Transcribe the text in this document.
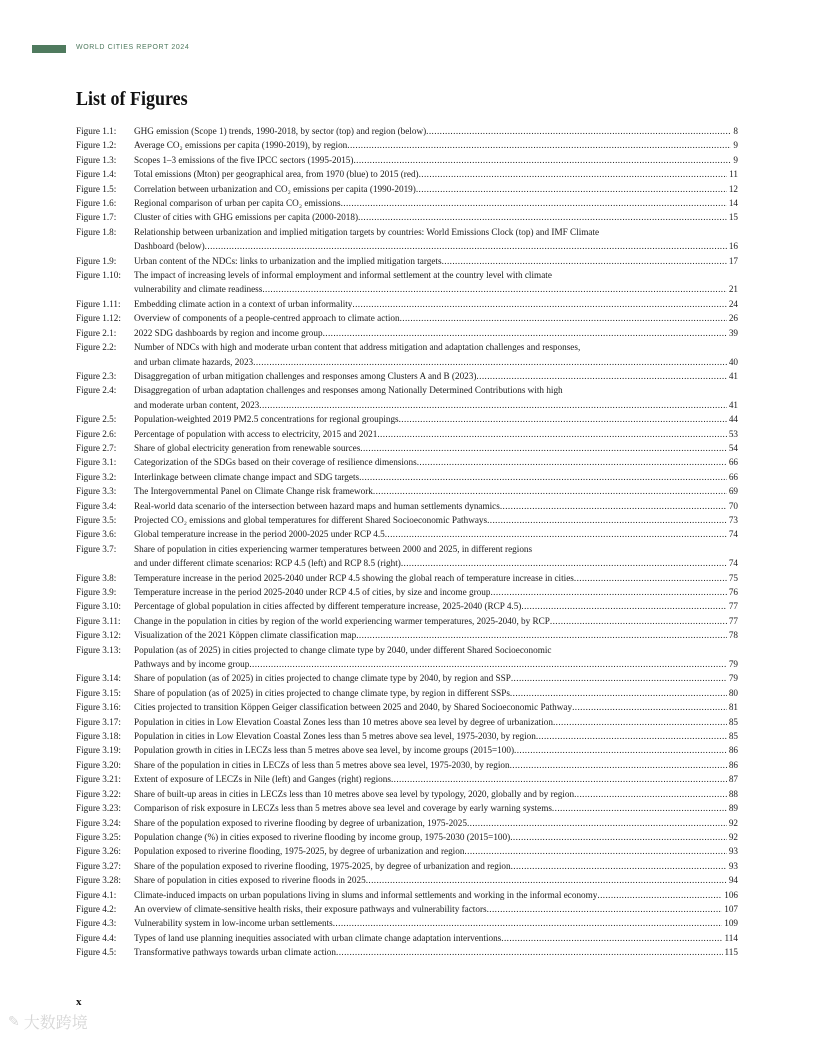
WORLD CITIES REPORT 2024
List of Figures
Figure 1.1:	GHG emission (Scope 1) trends, 1990-2018, by sector (top) and region (below) .....	8
Figure 1.2:	Average CO₂ emissions per capita (1990-2019), by region .....	9
Figure 1.3:	Scopes 1–3 emissions of the five IPCC sectors (1995-2015) .....	9
Figure 1.4:	Total emissions (Mton) per geographical area, from 1970 (blue) to 2015 (red) .....	11
Figure 1.5:	Correlation between urbanization and CO₂ emissions per capita (1990-2019) .....	12
Figure 1.6:	Regional comparison of urban per capita CO₂ emissions .....	14
Figure 1.7:	Cluster of cities with GHG emissions per capita (2000-2018) .....	15
Figure 1.8:	Relationship between urbanization and implied mitigation targets by countries: World Emissions Clock (top) and IMF Climate
Dashboard (below) .....	16
Figure 1.9:	Urban content of the NDCs: links to urbanization and the implied mitigation targets .....	17
Figure 1.10:	The impact of increasing levels of informal employment and informal settlement at the country level with climate
vulnerability and climate readiness .....	21
Figure 1.11:	Embedding climate action in a context of urban informality .....	24
Figure 1.12:	Overview of components of a people-centred approach to climate action .....	26
Figure 2.1:	2022 SDG dashboards by region and income group .....	39
Figure 2.2:	Number of NDCs with high and moderate urban content that address mitigation and adaptation challenges and responses,
and urban climate hazards, 2023 .....	40
Figure 2.3:	Disaggregation of urban mitigation challenges and responses among Clusters A and B (2023) .....	41
Figure 2.4:	Disaggregation of urban adaptation challenges and responses among Nationally Determined Contributions with high
and moderate urban content, 2023 .....	41
Figure 2.5:	Population-weighted 2019 PM2.5 concentrations for regional groupings .....	44
Figure 2.6:	Percentage of population with access to electricity, 2015 and 2021 .....	53
Figure 2.7:	Share of global electricity generation from renewable sources .....	54
Figure 3.1:	Categorization of the SDGs based on their coverage of resilience dimensions .....	66
Figure 3.2:	Interlinkage between climate change impact and SDG targets .....	66
Figure 3.3:	The Intergovernmental Panel on Climate Change risk framework .....	69
Figure 3.4:	Real-world data scenario of the intersection between hazard maps and human settlements dynamics .....	70
Figure 3.5:	Projected CO₂ emissions and global temperatures for different Shared Socioeconomic Pathways .....	73
Figure 3.6:	Global temperature increase in the period 2000-2025 under RCP 4.5 .....	74
Figure 3.7:	Share of population in cities experiencing warmer temperatures between 2000 and 2025, in different regions
and under different climate scenarios: RCP 4.5 (left) and RCP 8.5 (right) .....	74
Figure 3.8:	Temperature increase in the period 2025-2040 under RCP 4.5 showing the global reach of temperature increase in cities .....	75
Figure 3.9:	Temperature increase in the period 2025-2040 under RCP 4.5 of cities, by size and income group .....	76
Figure 3.10:	Percentage of global population in cities affected by different temperature increase, 2025-2040 (RCP 4.5) .....	77
Figure 3.11:	Change in the population in cities by region of the world experiencing warmer temperatures, 2025-2040, by RCP .....	77
Figure 3.12:	Visualization of the 2021 Köppen climate classification map .....	78
Figure 3.13:	Population (as of 2025) in cities projected to change climate type by 2040, under different Shared Socioeconomic
Pathways and by income group .....	79
Figure 3.14:	Share of population (as of 2025) in cities projected to change climate type by 2040, by region and SSP .....	79
Figure 3.15:	Share of population (as of 2025) in cities projected to change climate type, by region in different SSPs .....	80
Figure 3.16:	Cities projected to transition Köppen Geiger classification between 2025 and 2040, by Shared Socioeconomic Pathway .....	81
Figure 3.17:	Population in cities in Low Elevation Coastal Zones less than 10 metres above sea level by degree of urbanization .....	85
Figure 3.18:	Population in cities in Low Elevation Coastal Zones less than 5 metres above sea level, 1975-2030, by region .....	85
Figure 3.19:	Population growth in cities in LECZs less than 5 metres above sea level, by income groups (2015=100) .....	86
Figure 3.20:	Share of the population in cities in LECZs of less than 5 metres above sea level, 1975-2030, by region .....	86
Figure 3.21:	Extent of exposure of LECZs in Nile (left) and Ganges (right) regions .....	87
Figure 3.22:	Share of built-up areas in cities in LECZs less than 10 metres above sea level by typology, 2020, globally and by region .....	88
Figure 3.23:	Comparison of risk exposure in LECZs less than 5 metres above sea level and coverage by early warning systems .....	89
Figure 3.24:	Share of the population exposed to riverine flooding by degree of urbanization, 1975-2025 .....	92
Figure 3.25:	Population change (%) in cities exposed to riverine flooding by income group, 1975-2030 (2015=100) .....	92
Figure 3.26:	Population exposed to riverine flooding, 1975-2025, by degree of urbanization and region .....	93
Figure 3.27:	Share of the population exposed to riverine flooding, 1975-2025, by degree of urbanization and region .....	93
Figure 3.28:	Share of population in cities exposed to riverine floods in 2025 .....	94
Figure 4.1:	Climate-induced impacts on urban populations living in slums and informal settlements and working in the informal economy .....	106
Figure 4.2:	An overview of climate-sensitive health risks, their exposure pathways and vulnerability factors .....	107
Figure 4.3:	Vulnerability system in low-income urban settlements .....	109
Figure 4.4:	Types of land use planning inequities associated with urban climate change adaptation interventions .....	114
Figure 4.5:	Transformative pathways towards urban climate action .....	115
x
✎ 大数跨境
